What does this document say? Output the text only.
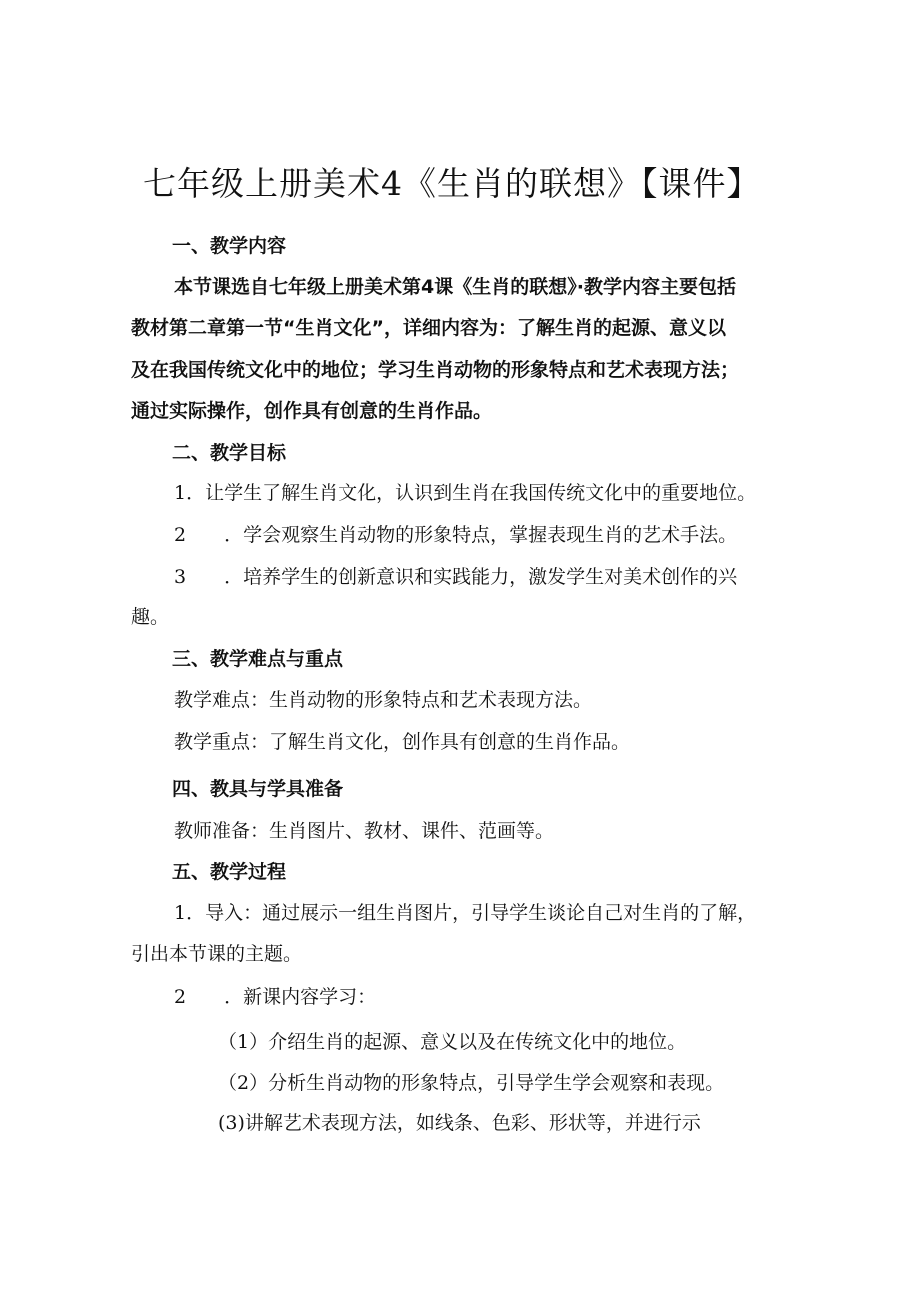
七年级上册美术4《生肖的联想》【课件】
一、教学内容
本节课选自七年级上册美术第4课《生肖的联想》·教学内容主要包括
教材第二章第一节“生肖文化”，详细内容为：了解生肖的起源、意义以
及在我国传统文化中的地位；学习生肖动物的形象特点和艺术表现方法；
通过实际操作，创作具有创意的生肖作品。
二、教学目标
1．让学生了解生肖文化，认识到生肖在我国传统文化中的重要地位。
2　　．学会观察生肖动物的形象特点，掌握表现生肖的艺术手法。
3　　．培养学生的创新意识和实践能力，激发学生对美术创作的兴
趣。
三、教学难点与重点
教学难点：生肖动物的形象特点和艺术表现方法。
教学重点：了解生肖文化，创作具有创意的生肖作品。
四、教具与学具准备
教师准备：生肖图片、教材、课件、范画等。
五、教学过程
1．导入：通过展示一组生肖图片，引导学生谈论自己对生肖的了解，
引出本节课的主题。
2　　．新课内容学习：
（1）介绍生肖的起源、意义以及在传统文化中的地位。
（2）分析生肖动物的形象特点，引导学生学会观察和表现。
(3)讲解艺术表现方法，如线条、色彩、形状等，并进行示
